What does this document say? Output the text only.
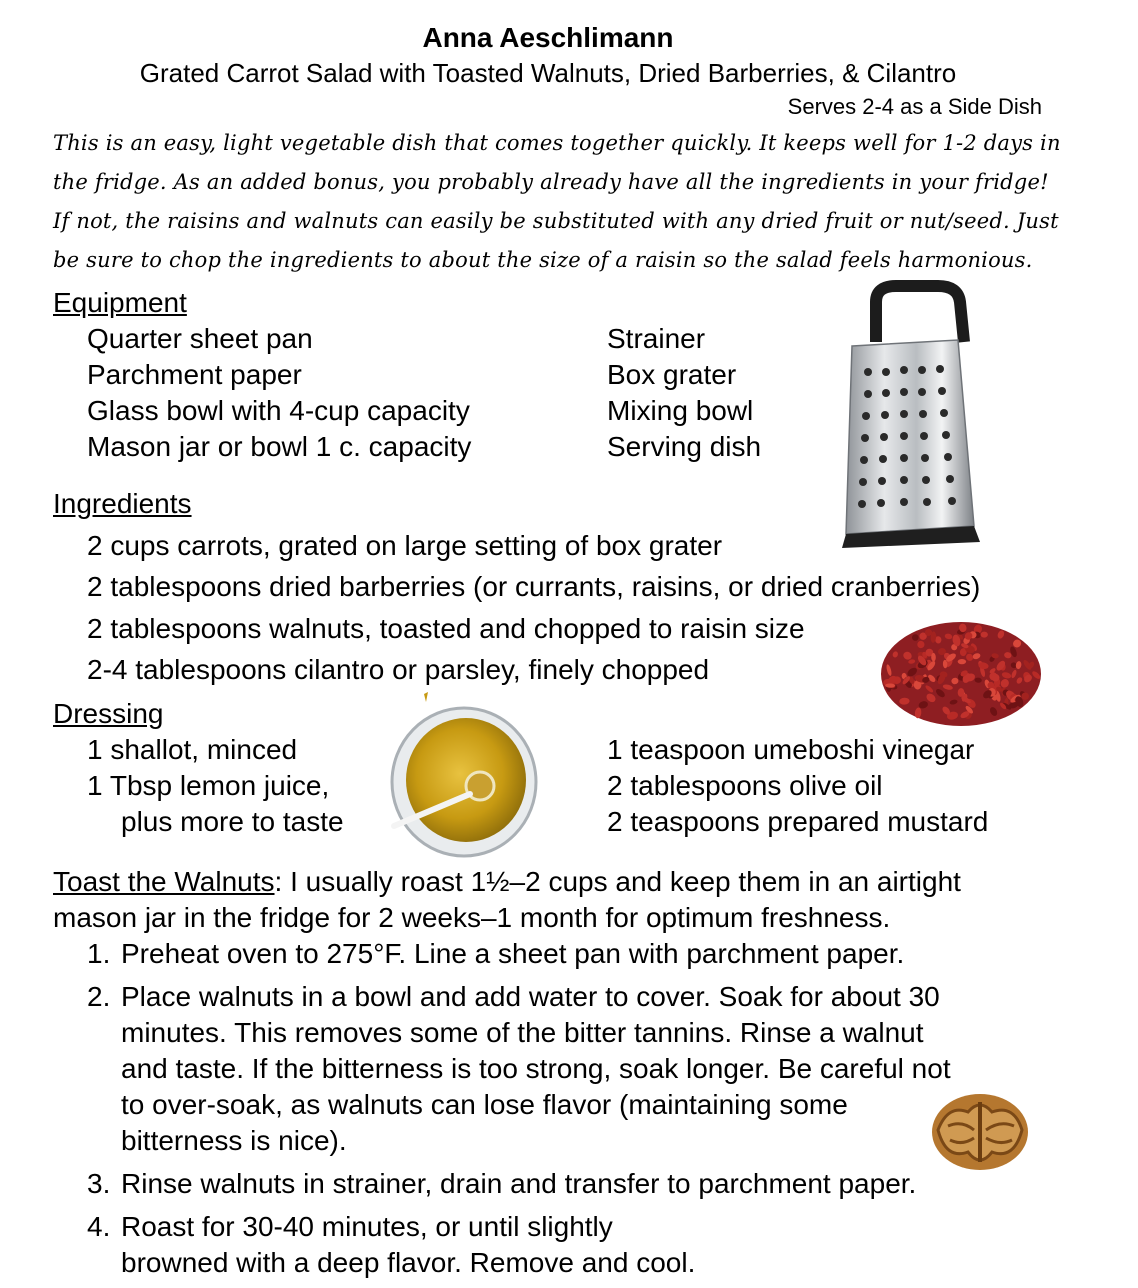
Anna Aeschlimann
Grated Carrot Salad with Toasted Walnuts, Dried Barberries, & Cilantro
Serves 2-4 as a Side Dish
This is an easy, light vegetable dish that comes together quickly. It keeps well for 1-2 days in
the fridge. As an added bonus, you probably already have all the ingredients in your fridge!
If not, the raisins and walnuts can easily be substituted with any dried fruit or nut/seed. Just
be sure to chop the ingredients to about the size of a raisin so the salad feels harmonious.
Equipment
Quarter sheet pan
Parchment paper
Glass bowl with 4-cup capacity
Mason jar or bowl 1 c. capacity
Strainer
Box grater
Mixing bowl
Serving dish
Ingredients
2 cups carrots, grated on large setting of box grater
2 tablespoons dried barberries (or currants, raisins, or dried cranberries)
2 tablespoons walnuts, toasted and chopped to raisin size
2-4 tablespoons cilantro or parsley, finely chopped
Dressing
1 shallot, minced
1 Tbsp lemon juice,
plus more to taste
1 teaspoon umeboshi vinegar
2 tablespoons olive oil
2 teaspoons prepared mustard
Toast the Walnuts: I usually roast 1½–2 cups and keep them in an airtight
mason jar in the fridge for 2 weeks–1 month for optimum freshness.
1. Preheat oven to 275°F. Line a sheet pan with parchment paper.
2. Place walnuts in a bowl and add water to cover. Soak for about 30
minutes. This removes some of the bitter tannins. Rinse a walnut
and taste. If the bitterness is too strong, soak longer. Be careful not
to over-soak, as walnuts can lose flavor (maintaining some
bitterness is nice).
3. Rinse walnuts in strainer, drain and transfer to parchment paper.
4. Roast for 30-40 minutes, or until slightly
browned with a deep flavor. Remove and cool.
